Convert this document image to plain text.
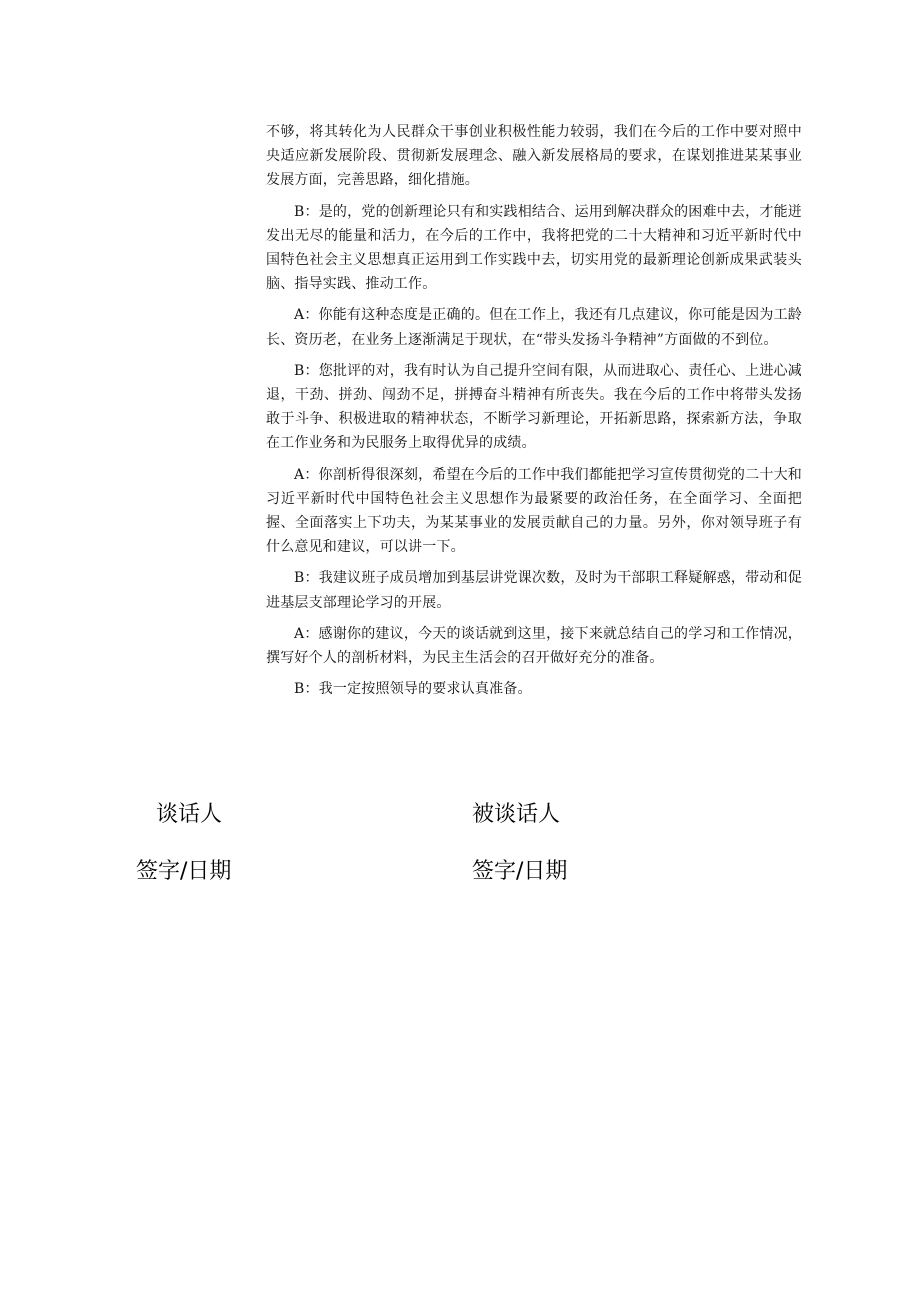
不够，将其转化为人民群众干事创业积极性能力较弱，我们在今后的工作中要对照中央适应新发展阶段、贯彻新发展理念、融入新发展格局的要求，在谋划推进某某事业发展方面，完善思路，细化措施。

B：是的，党的创新理论只有和实践相结合、运用到解决群众的困难中去，才能迸发出无尽的能量和活力，在今后的工作中，我将把党的二十大精神和习近平新时代中国特色社会主义思想真正运用到工作实践中去，切实用党的最新理论创新成果武装头脑、指导实践、推动工作。

A：你能有这种态度是正确的。但在工作上，我还有几点建议，你可能是因为工龄长、资历老，在业务上逐渐满足于现状，在“带头发扬斗争精神”方面做的不到位。

B：您批评的对，我有时认为自己提升空间有限，从而进取心、责任心、上进心减退，干劲、拼劲、闯劲不足，拼搏奋斗精神有所丧失。我在今后的工作中将带头发扬敢于斗争、积极进取的精神状态，不断学习新理论，开拓新思路，探索新方法，争取在工作业务和为民服务上取得优异的成绩。

A：你剖析得很深刻，希望在今后的工作中我们都能把学习宣传贯彻党的二十大和习近平新时代中国特色社会主义思想作为最紧要的政治任务，在全面学习、全面把握、全面落实上下功夫，为某某事业的发展贡献自己的力量。另外，你对领导班子有什么意见和建议，可以讲一下。

B：我建议班子成员增加到基层讲党课次数，及时为干部职工释疑解惑，带动和促进基层支部理论学习的开展。

A：感谢你的建议，今天的谈话就到这里，接下来就总结自己的学习和工作情况，撰写好个人的剖析材料，为民主生活会的召开做好充分的准备。

B：我一定按照领导的要求认真准备。

谈话人	被谈话人
签字/日期	签字/日期
